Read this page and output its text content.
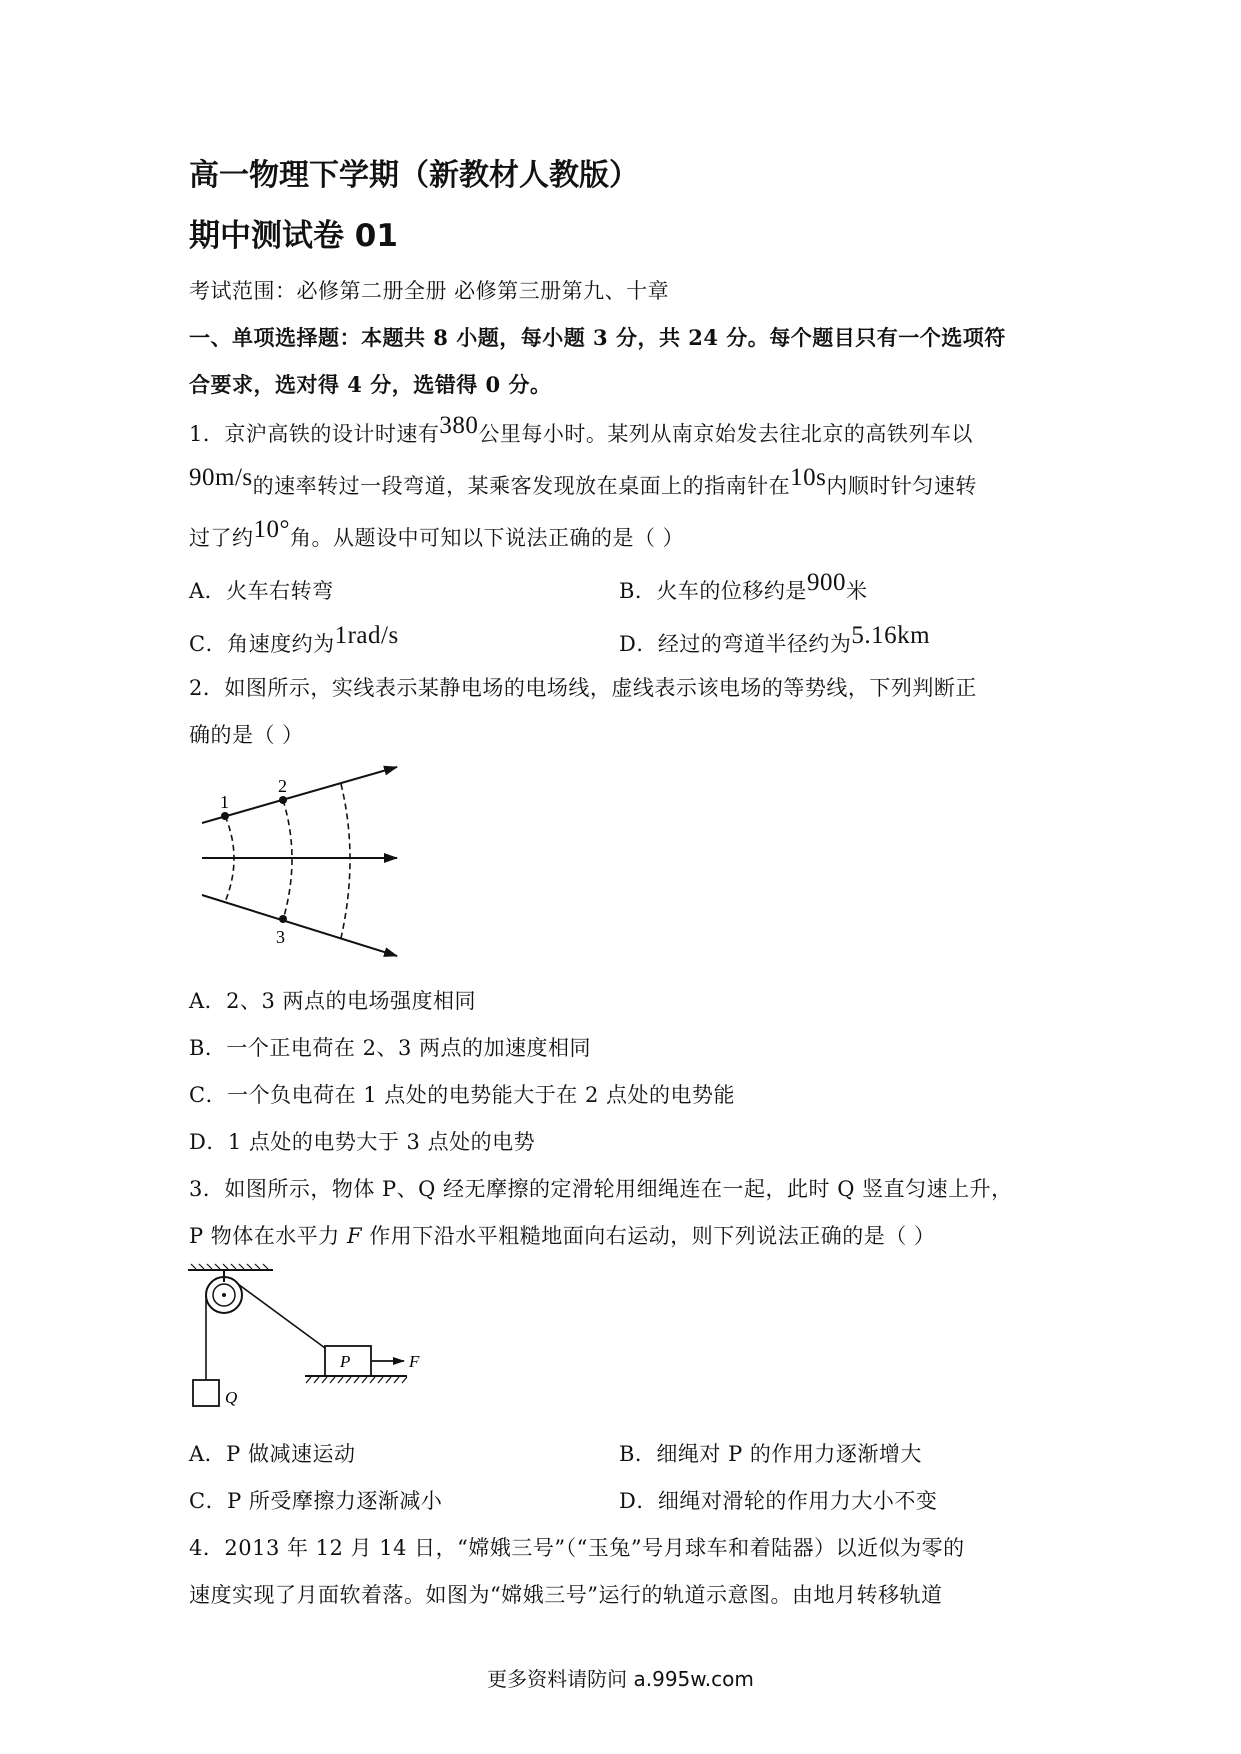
高一物理下学期（新教材人教版）
期中测试卷 01
考试范围：必修第二册全册 必修第三册第九、十章
一、单项选择题：本题共 8 小题，每小题 3 分，共 24 分。每个题目只有一个选项符
合要求，选对得 4 分，选错得 0 分。
1．京沪高铁的设计时速有380公里每小时。某列从南京始发去往北京的高铁列车以
90m/s的速率转过一段弯道，某乘客发现放在桌面上的指南针在10s内顺时针匀速转
过了约10°角。从题设中可知以下说法正确的是（ ）
A．火车右转弯	B．火车的位移约是900米
C．角速度约为1rad/s	D．经过的弯道半径约为5.16km
2．如图所示，实线表示某静电场的电场线，虚线表示该电场的等势线，下列判断正
确的是（ ）
1
2
3
A．2、3 两点的电场强度相同
B．一个正电荷在 2、3 两点的加速度相同
C．一个负电荷在 1 点处的电势能大于在 2 点处的电势能
D．1 点处的电势大于 3 点处的电势
3．如图所示，物体 P、Q 经无摩擦的定滑轮用细绳连在一起，此时 Q 竖直匀速上升，
P 物体在水平力 F 作用下沿水平粗糙地面向右运动，则下列说法正确的是（ ）
Q
P	F
A．P 做减速运动	B．细绳对 P 的作用力逐渐增大
C．P 所受摩擦力逐渐减小	D．细绳对滑轮的作用力大小不变
4．2013 年 12 月 14 日，“嫦娥三号”（“玉兔”号月球车和着陆器）以近似为零的
速度实现了月面软着落。如图为“嫦娥三号”运行的轨道示意图。由地月转移轨道
更多资料请防问 a.995w.com
